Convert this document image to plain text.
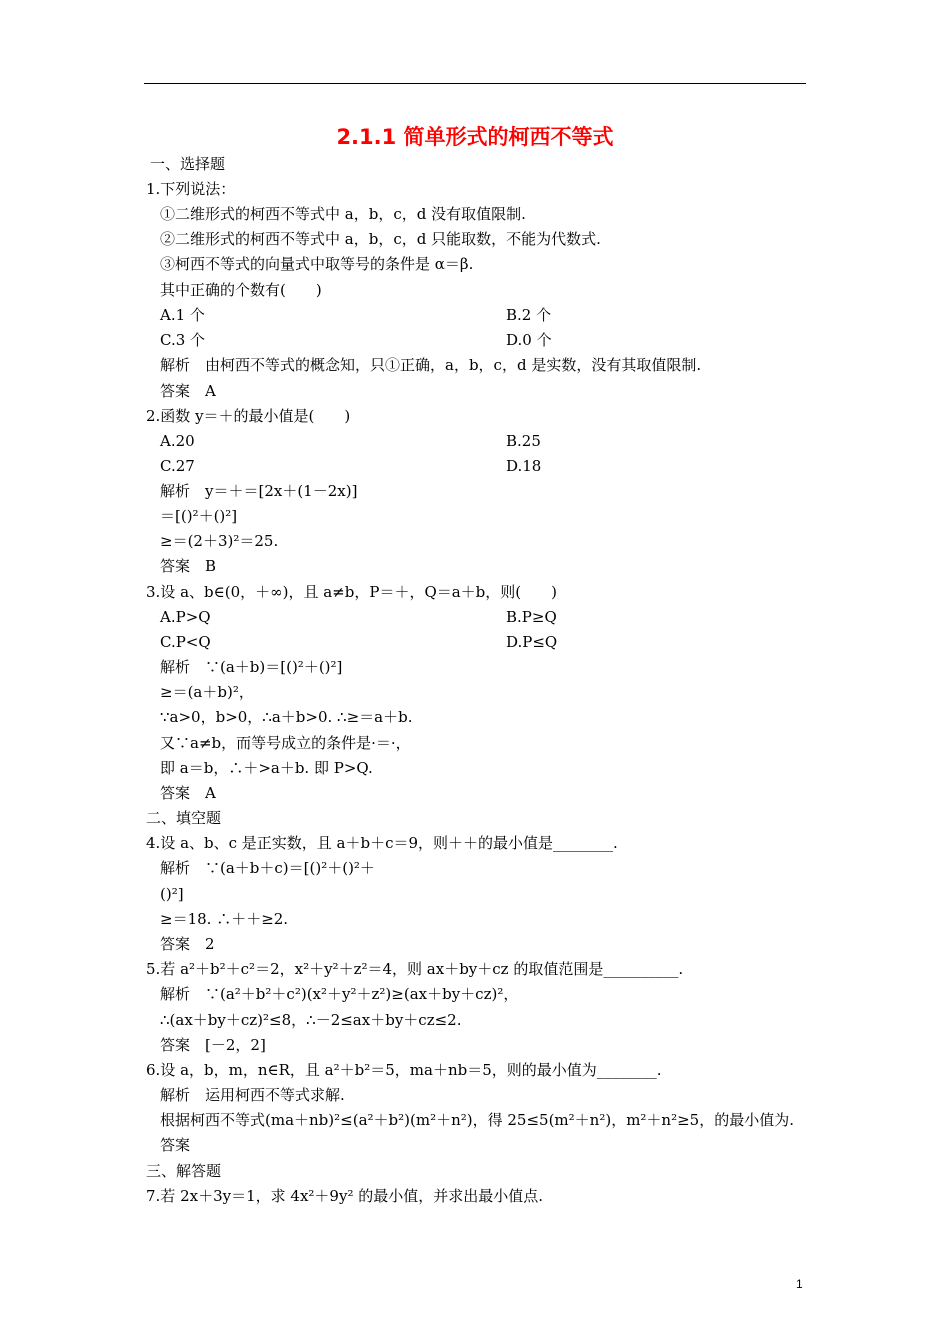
2.1.1 简单形式的柯西不等式
一、选择题
1.下列说法：
①二维形式的柯西不等式中 a，b，c，d 没有取值限制.
②二维形式的柯西不等式中 a，b，c，d 只能取数，不能为代数式.
③柯西不等式的向量式中取等号的条件是 α＝β.
其中正确的个数有(　　)
A.1 个
C.3 个
解析　由柯西不等式的概念知，只①正确，a，b，c，d 是实数，没有其取值限制.
答案　A
2.函数 y＝＋的最小值是(　　)
A.20
C.27
解析　y＝＋＝[2x＋(1－2x)]
＝[()²＋()²]
≥＝(2＋3)²＝25.
答案　B
3.设 a、b∈(0，＋∞)，且 a≠b，P＝＋，Q＝a＋b，则(　　)
A.P>Q
C.P<Q
解析　∵(a＋b)＝[()²＋()²]
≥＝(a＋b)²，
∵a>0，b>0，∴a＋b>0. ∴≥＝a＋b.
又∵a≠b，而等号成立的条件是·＝·，
即 a＝b，∴＋>a＋b. 即 P>Q.
答案　A
二、填空题
4.设 a、b、c 是正实数，且 a＋b＋c＝9，则＋＋的最小值是________.
解析　∵(a＋b＋c)＝[()²＋()²＋
()²]
≥＝18. ∴＋＋≥2.
答案　2
5.若 a²＋b²＋c²＝2，x²＋y²＋z²＝4，则 ax＋by＋cz 的取值范围是__________.
解析　∵(a²＋b²＋c²)(x²＋y²＋z²)≥(ax＋by＋cz)²，
∴(ax＋by＋cz)²≤8，∴－2≤ax＋by＋cz≤2.
答案　[－2，2]
6.设 a，b，m，n∈R，且 a²＋b²＝5，ma＋nb＝5，则的最小值为________.
解析　运用柯西不等式求解.
根据柯西不等式(ma＋nb)²≤(a²＋b²)(m²＋n²)，得 25≤5(m²＋n²)，m²＋n²≥5，的最小值为.
答案
三、解答题
7.若 2x＋3y＝1，求 4x²＋9y² 的最小值，并求出最小值点.
B.2 个
D.0 个
B.25
D.18
B.P≥Q
D.P≤Q
1
